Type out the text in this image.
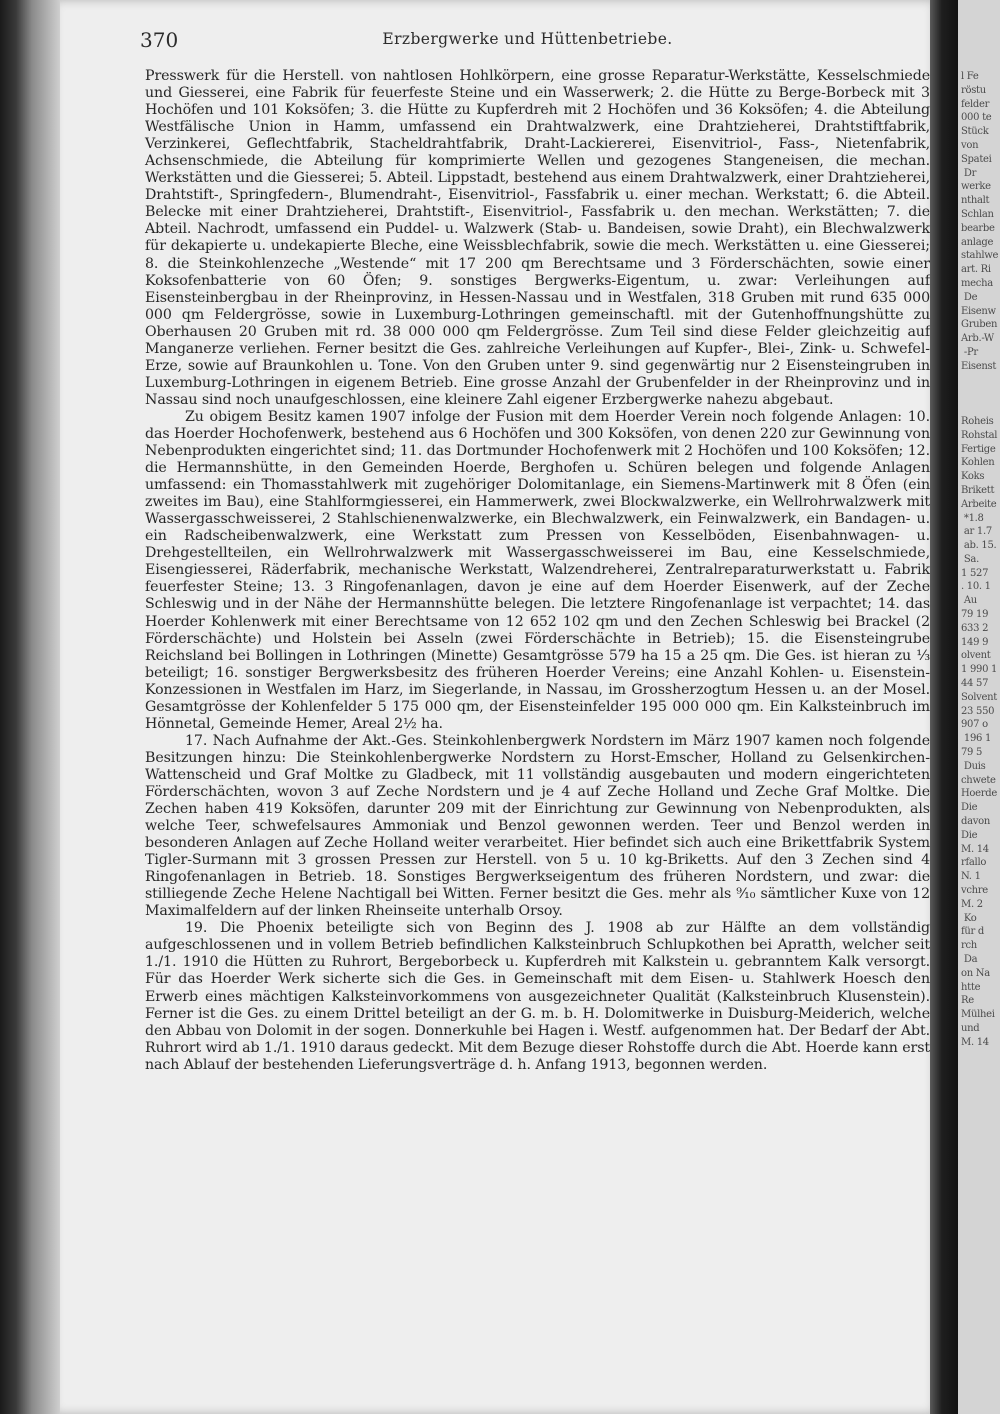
370	Erzbergwerke und Hüttenbetriebe.

Presswerk für die Herstell. von nahtlosen Hohlkörpern, eine grosse Reparatur-Werkstätte, Kesselschmiede und Giesserei, eine Fabrik für feuerfeste Steine und ein Wasserwerk; 2. die Hütte zu Berge-Borbeck mit 3 Hochöfen und 101 Koksöfen; 3. die Hütte zu Kupferdreh mit 2 Hochöfen und 36 Koksöfen; 4. die Abteilung Westfälische Union in Hamm, umfassend ein Drahtwalzwerk, eine Drahtzieherei, Drahtstiftfabrik, Verzinkerei, Geflechtfabrik, Stacheldrahtfabrik, Draht-Lackiererei, Eisenvitriol-, Fass-, Nietenfabrik, Achsenschmiede, die Abteilung für komprimierte Wellen und gezogenes Stangeneisen, die mechan. Werkstätten und die Giesserei; 5. Abteil. Lippstadt, bestehend aus einem Drahtwalzwerk, einer Drahtzieherei, Drahtstift-, Springfedern-, Blumendraht-, Eisenvitriol-, Fassfabrik u. einer mechan. Werkstatt; 6. die Abteil. Belecke mit einer Drahtzieherei, Drahtstift-, Eisenvitriol-, Fassfabrik u. den mechan. Werkstätten; 7. die Abteil. Nachrodt, umfassend ein Puddel- u. Walzwerk (Stab- u. Bandeisen, sowie Draht), ein Blechwalzwerk für dekapierte u. undekapierte Bleche, eine Weissblechfabrik, sowie die mech. Werkstätten u. eine Giesserei; 8. die Steinkohlenzeche „Westende“ mit 17 200 qm Berechtsame und 3 Förderschächten, sowie einer Koksofenbatterie von 60 Öfen; 9. sonstiges Bergwerks-Eigentum, u. zwar: Verleihungen auf Eisensteinbergbau in der Rheinprovinz, in Hessen-Nassau und in Westfalen, 318 Gruben mit rund 635 000 000 qm Feldergrösse, sowie in Luxemburg-Lothringen gemeinschaftl. mit der Gutenhoffnungshütte zu Oberhausen 20 Gruben mit rd. 38 000 000 qm Feldergrösse. Zum Teil sind diese Felder gleichzeitig auf Manganerze verliehen. Ferner besitzt die Ges. zahlreiche Verleihungen auf Kupfer-, Blei-, Zink- u. Schwefel-Erze, sowie auf Braunkohlen u. Tone. Von den Gruben unter 9. sind gegenwärtig nur 2 Eisensteingruben in Luxemburg-Lothringen in eigenem Betrieb. Eine grosse Anzahl der Grubenfelder in der Rheinprovinz und in Nassau sind noch unaufgeschlossen, eine kleinere Zahl eigener Erzbergwerke nahezu abgebaut.

Zu obigem Besitz kamen 1907 infolge der Fusion mit dem Hoerder Verein noch folgende Anlagen: 10. das Hoerder Hochofenwerk, bestehend aus 6 Hochöfen und 300 Koksöfen, von denen 220 zur Gewinnung von Nebenprodukten eingerichtet sind; 11. das Dortmunder Hochofenwerk mit 2 Hochöfen und 100 Koksöfen; 12. die Hermannshütte, in den Gemeinden Hoerde, Berghofen u. Schüren belegen und folgende Anlagen umfassend: ein Thomasstahlwerk mit zugehöriger Dolomitanlage, ein Siemens-Martinwerk mit 8 Öfen (ein zweites im Bau), eine Stahlformgiesserei, ein Hammerwerk, zwei Blockwalzwerke, ein Wellrohrwalzwerk mit Wassergasschweisserei, 2 Stahlschienenwalzwerke, ein Blechwalzwerk, ein Feinwalzwerk, ein Bandagen- u. ein Radscheibenwalzwerk, eine Werkstatt zum Pressen von Kesselböden, Eisenbahnwagen- u. Drehgestellteilen, ein Wellrohrwalzwerk mit Wassergasschweisserei im Bau, eine Kesselschmiede, Eisengiesserei, Räderfabrik, mechanische Werkstatt, Walzendreherei, Zentralreparaturwerkstatt u. Fabrik feuerfester Steine; 13. 3 Ringofenanlagen, davon je eine auf dem Hoerder Eisenwerk, auf der Zeche Schleswig und in der Nähe der Hermannshütte belegen. Die letztere Ringofenanlage ist verpachtet; 14. das Hoerder Kohlenwerk mit einer Berechtsame von 12 652 102 qm und den Zechen Schleswig bei Brackel (2 Förderschächte) und Holstein bei Asseln (zwei Förderschächte in Betrieb); 15. die Eisensteingrube Reichsland bei Bollingen in Lothringen (Minette) Gesamtgrösse 579 ha 15 a 25 qm. Die Ges. ist hieran zu ⅓ beteiligt; 16. sonstiger Bergwerksbesitz des früheren Hoerder Vereins; eine Anzahl Kohlen- u. Eisenstein-Konzessionen in Westfalen im Harz, im Siegerlande, in Nassau, im Grossherzogtum Hessen u. an der Mosel. Gesamtgrösse der Kohlenfelder 5 175 000 qm, der Eisensteinfelder 195 000 000 qm. Ein Kalksteinbruch im Hönnetal, Gemeinde Hemer, Areal 2½ ha.

17. Nach Aufnahme der Akt.-Ges. Steinkohlenbergwerk Nordstern im März 1907 kamen noch folgende Besitzungen hinzu: Die Steinkohlenbergwerke Nordstern zu Horst-Emscher, Holland zu Gelsenkirchen-Wattenscheid und Graf Moltke zu Gladbeck, mit 11 vollständig ausgebauten und modern eingerichteten Förderschächten, wovon 3 auf Zeche Nordstern und je 4 auf Zeche Holland und Zeche Graf Moltke. Die Zechen haben 419 Koksöfen, darunter 209 mit der Einrichtung zur Gewinnung von Nebenprodukten, als welche Teer, schwefelsaures Ammoniak und Benzol gewonnen werden. Teer und Benzol werden in besonderen Anlagen auf Zeche Holland weiter verarbeitet. Hier befindet sich auch eine Brikettfabrik System Tigler-Surmann mit 3 grossen Pressen zur Herstell. von 5 u. 10 kg-Briketts. Auf den 3 Zechen sind 4 Ringofenanlagen in Betrieb. 18. Sonstiges Bergwerkseigentum des früheren Nordstern, und zwar: die stilliegende Zeche Helene Nachtigall bei Witten. Ferner besitzt die Ges. mehr als ⁹⁄₁₀ sämtlicher Kuxe von 12 Maximalfeldern auf der linken Rheinseite unterhalb Orsoy.

19. Die Phoenix beteiligte sich von Beginn des J. 1908 ab zur Hälfte an dem vollständig aufgeschlossenen und in vollem Betrieb befindlichen Kalksteinbruch Schlupkothen bei Apratth, welcher seit 1./1. 1910 die Hütten zu Ruhrort, Bergeborbeck u. Kupferdreh mit Kalkstein u. gebranntem Kalk versorgt. Für das Hoerder Werk sicherte sich die Ges. in Gemeinschaft mit dem Eisen- u. Stahlwerk Hoesch den Erwerb eines mächtigen Kalksteinvorkommens von ausgezeichneter Qualität (Kalksteinbruch Klusenstein). Ferner ist die Ges. zu einem Drittel beteiligt an der G. m. b. H. Dolomitwerke in Duisburg-Meiderich, welche den Abbau von Dolomit in der sogen. Donnerkuhle bei Hagen i. Westf. aufgenommen hat. Der Bedarf der Abt. Ruhrort wird ab 1./1. 1910 daraus gedeckt. Mit dem Bezuge dieser Rohstoffe durch die Abt. Hoerde kann erst nach Ablauf der bestehenden Lieferungsverträge d. h. Anfang 1913, begonnen werden.

l Fe
röstu
felder
000 te
Stück
von
Spatei
Dr
werke
nthalt
Schlan
bearbe
anlage
stahlwe
art. Ri
mecha
De
Eisenw
Gruben
Arb.-W
-Pr
Eisenst

Roheis
Rohstal
Fertige
Kohlen
Koks
Brikett
Arbeite
*1.8
ar 1.7
ab. 15.
Sa.
1 527
. 10. 1
Au
79 19
633 2
149 9
olvent
1 990 1
44 57
Solvent
23 550
907 o
196 1
79 5
Duis
chwete
Hoerde
Die
davon
Die
M. 14
rfallo
N. 1
vchre
M. 2
Ko
für d
rch
Da
on Na
htte
Re
Mülhei
und
M. 14
